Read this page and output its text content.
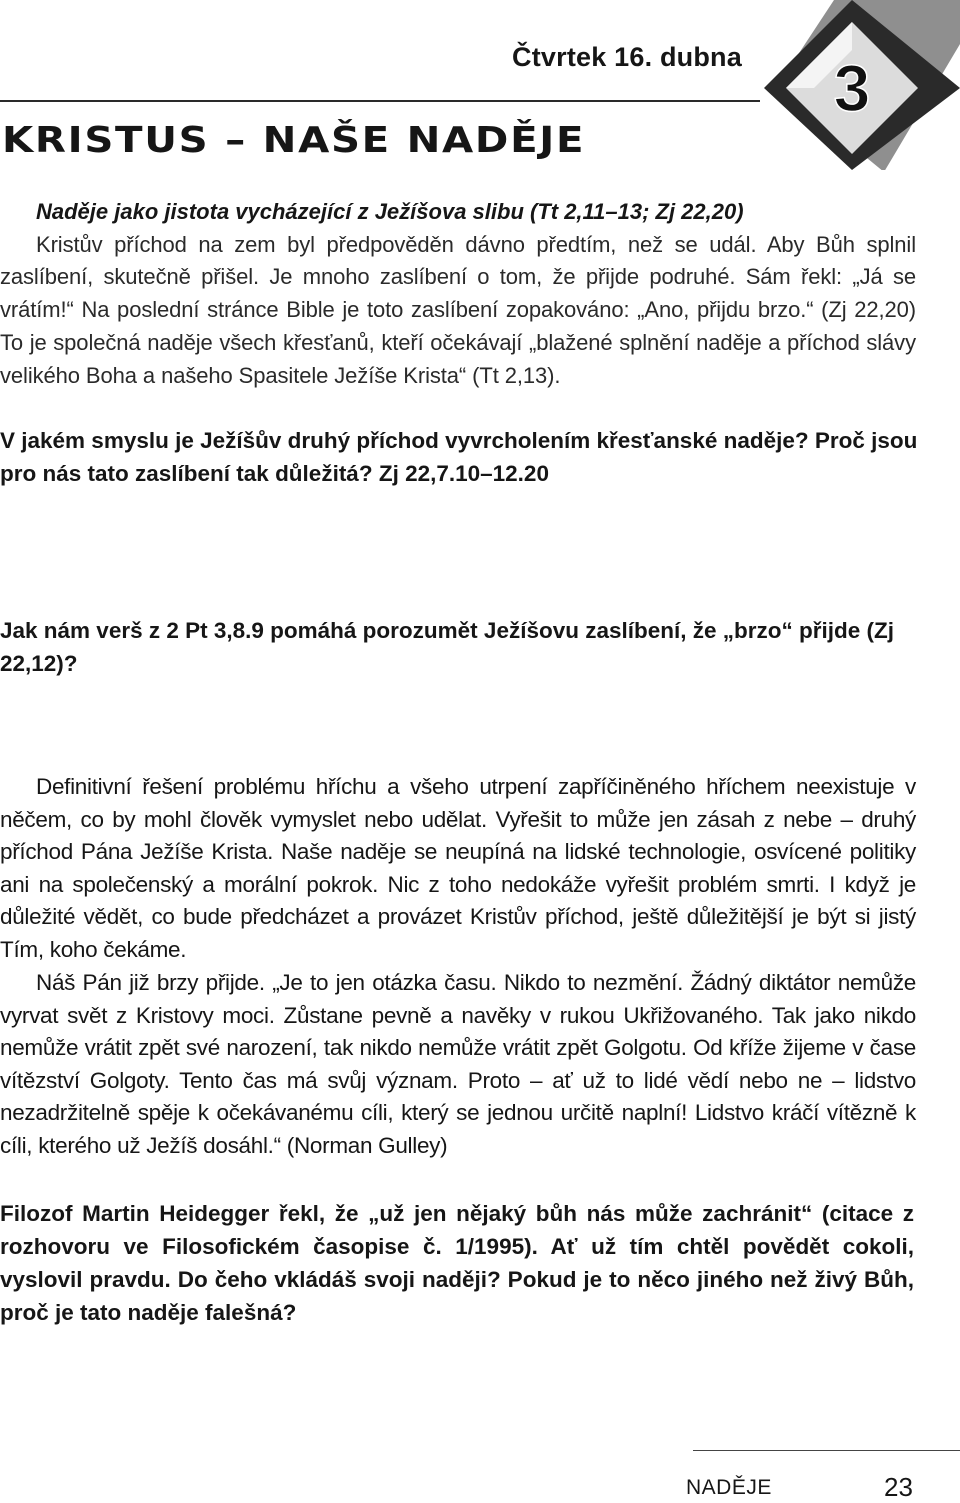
Čtvrtek 16. dubna
KRISTUS – NAŠE NADĚJE
3
Naděje jako jistota vycházející z Ježíšova slibu (Tt 2,11–13; Zj 22,20)
Kristův příchod na zem byl předpověděn dávno předtím, než se udál. Aby Bůh splnil zaslíbení, skutečně přišel. Je mnoho zaslíbení o tom, že přijde podruhé. Sám řekl: „Já se vrátím!“ Na poslední stránce Bible je toto zaslíbení zopakováno: „Ano, přijdu brzo.“ (Zj 22,20) To je společná naděje všech křesťanů, kteří očekávají „blažené splnění naděje a příchod slávy velikého Boha a našeho Spasitele Ježíše Krista“ (Tt 2,13).
V jakém smyslu je Ježíšův druhý příchod vyvrcholením křesťanské naděje? Proč jsou pro nás tato zaslíbení tak důležitá? Zj 22,7.10–12.20
Jak nám verš z 2 Pt 3,8.9 pomáhá porozumět Ježíšovu zaslíbení, že „brzo“ přijde (Zj 22,12)?
Definitivní řešení problému hříchu a všeho utrpení zapříčiněného hříchem neexistuje v něčem, co by mohl člověk vymyslet nebo udělat. Vyřešit to může jen zásah z nebe – druhý příchod Pána Ježíše Krista. Naše naděje se neupíná na lidské technologie, osvícené politiky ani na společenský a morální pokrok. Nic z toho nedokáže vyřešit problém smrti. I když je důležité vědět, co bude předcházet a provázet Kristův příchod, ještě důležitější je být si jistý Tím, koho čekáme.
Náš Pán již brzy přijde. „Je to jen otázka času. Nikdo to nezmění. Žádný diktátor nemůže vyrvat svět z Kristovy moci. Zůstane pevně a navěky v rukou Ukřižovaného. Tak jako nikdo nemůže vrátit zpět své narození, tak nikdo nemůže vrátit zpět Golgotu. Od kříže žijeme v čase vítězství Golgoty. Tento čas má svůj význam. Proto – ať už to lidé vědí nebo ne – lidstvo nezadržitelně spěje k očekávanému cíli, který se jednou určitě naplní! Lidstvo kráčí vítězně k cíli, kterého už Ježíš dosáhl.“ (Norman Gulley)
Filozof Martin Heidegger řekl, že „už jen nějaký bůh nás může zachránit“ (citace z rozhovoru ve Filosofickém časopise č. 1/1995). Ať už tím chtěl povědět cokoli, vyslovil pravdu. Do čeho vkládáš svoji naději? Pokud je to něco jiného než živý Bůh, proč je tato naděje falešná?
NADĚJE	23
